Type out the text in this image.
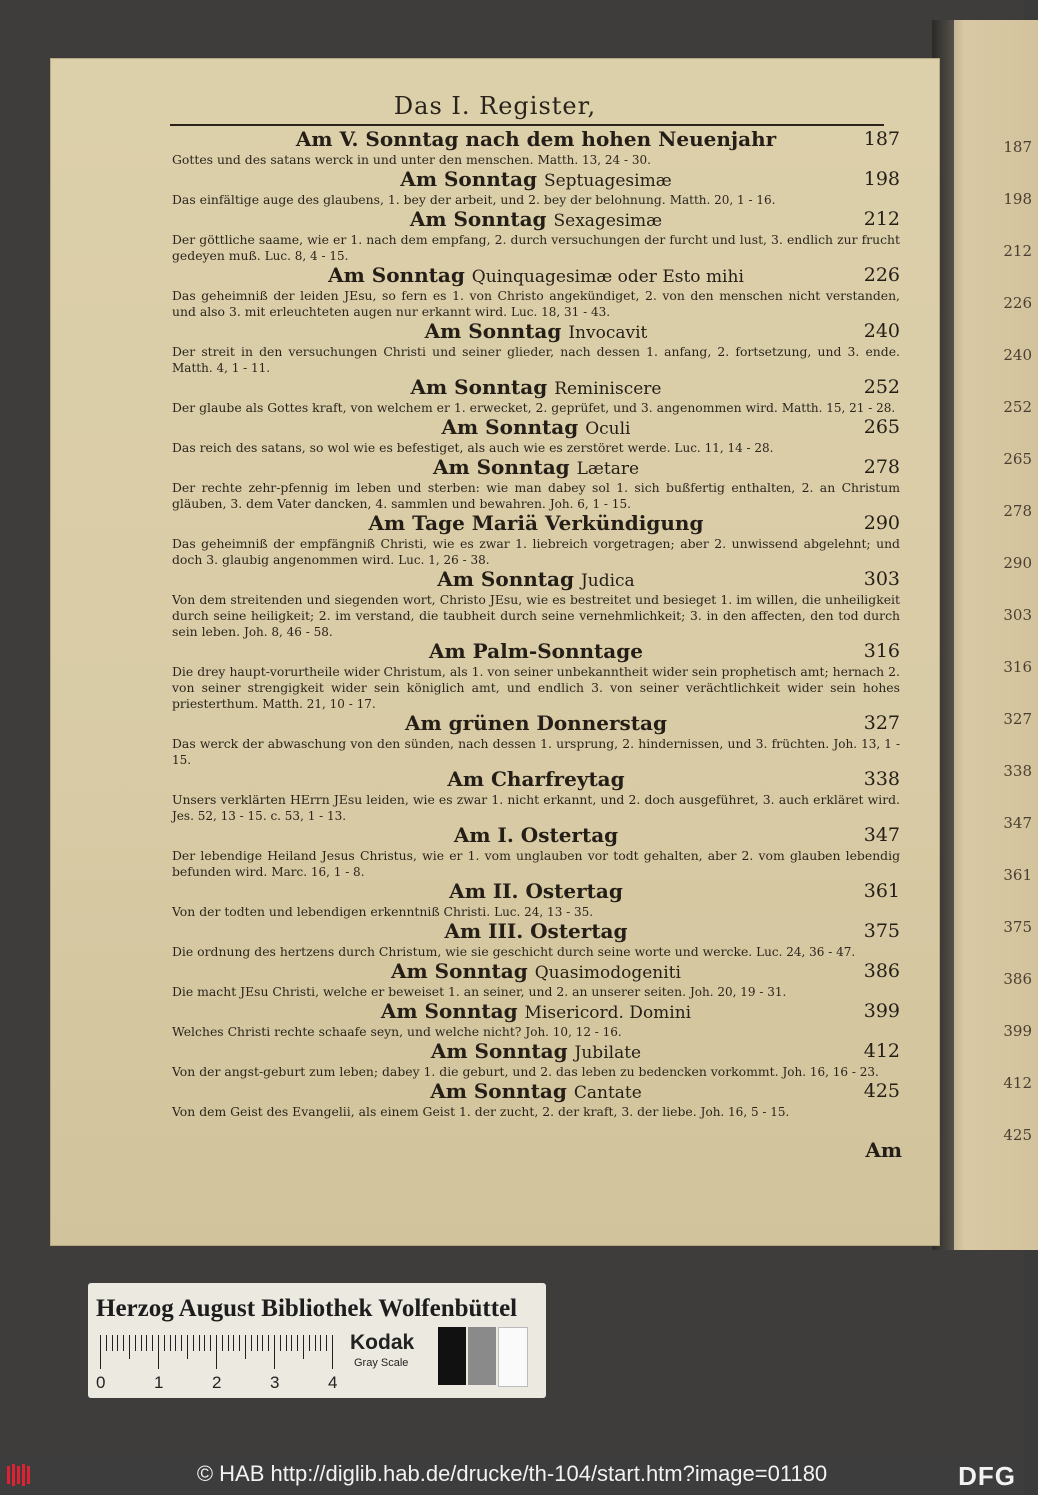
187
198
212
226
240
252
265
278
290
303
316
327
338
347
361
375
386
399
412
425
Das I. Register,
Am V. Sonntag nach dem hohen Neuenjahr	187
Gottes und des satans werck in und unter den menschen. Matth. 13, 24 - 30.
Am Sonntag Septuagesimæ	198
Das einfältige auge des glaubens, 1. bey der arbeit, und 2. bey der belohnung. Matth. 20, 1 - 16.
Am Sonntag Sexagesimæ	212
Der göttliche saame, wie er 1. nach dem empfang, 2. durch versuchungen der furcht und lust, 3. endlich zur frucht gedeyen muß. Luc. 8, 4 - 15.
Am Sonntag Quinquagesimæ oder Esto mihi	226
Das geheimniß der leiden JEsu, so fern es 1. von Christo angekündiget, 2. von den menschen nicht verstanden, und also 3. mit erleuchteten augen nur erkannt wird. Luc. 18, 31 - 43.
Am Sonntag Invocavit	240
Der streit in den versuchungen Christi und seiner glieder, nach dessen 1. anfang, 2. fortsetzung, und 3. ende. Matth. 4, 1 - 11.
Am Sonntag Reminiscere	252
Der glaube als Gottes kraft, von welchem er 1. erwecket, 2. geprüfet, und 3. angenommen wird. Matth. 15, 21 - 28.
Am Sonntag Oculi	265
Das reich des satans, so wol wie es befestiget, als auch wie es zerstöret werde. Luc. 11, 14 - 28.
Am Sonntag Lætare	278
Der rechte zehr-pfennig im leben und sterben: wie man dabey sol 1. sich bußfertig enthalten, 2. an Christum gläuben, 3. dem Vater dancken, 4. sammlen und bewahren. Joh. 6, 1 - 15.
Am Tage Mariä Verkündigung	290
Das geheimniß der empfängniß Christi, wie es zwar 1. liebreich vorgetragen; aber 2. unwissend abgelehnt; und doch 3. glaubig angenommen wird. Luc. 1, 26 - 38.
Am Sonntag Judica	303
Von dem streitenden und siegenden wort, Christo JEsu, wie es bestreitet und besieget 1. im willen, die unheiligkeit durch seine heiligkeit; 2. im verstand, die taubheit durch seine vernehmlichkeit; 3. in den affecten, den tod durch sein leben. Joh. 8, 46 - 58.
Am Palm-Sonntage	316
Die drey haupt-vorurtheile wider Christum, als 1. von seiner unbekanntheit wider sein prophetisch amt; hernach 2. von seiner strengigkeit wider sein königlich amt, und endlich 3. von seiner verächtlichkeit wider sein hohes priesterthum. Matth. 21, 10 - 17.
Am grünen Donnerstag	327
Das werck der abwaschung von den sünden, nach dessen 1. ursprung, 2. hindernissen, und 3. früchten. Joh. 13, 1 - 15.
Am Charfreytag	338
Unsers verklärten HErrn JEsu leiden, wie es zwar 1. nicht erkannt, und 2. doch ausgeführet, 3. auch erkläret wird. Jes. 52, 13 - 15. c. 53, 1 - 13.
Am I. Ostertag	347
Der lebendige Heiland Jesus Christus, wie er 1. vom unglauben vor todt gehalten, aber 2. vom glauben lebendig befunden wird. Marc. 16, 1 - 8.
Am II. Ostertag	361
Von der todten und lebendigen erkenntniß Christi. Luc. 24, 13 - 35.
Am III. Ostertag	375
Die ordnung des hertzens durch Christum, wie sie geschicht durch seine worte und wercke. Luc. 24, 36 - 47.
Am Sonntag Quasimodogeniti	386
Die macht JEsu Christi, welche er beweiset 1. an seiner, und 2. an unserer seiten. Joh. 20, 19 - 31.
Am Sonntag Misericord. Domini	399
Welches Christi rechte schaafe seyn, und welche nicht? Joh. 10, 12 - 16.
Am Sonntag Jubilate	412
Von der angst-geburt zum leben; dabey 1. die geburt, und 2. das leben zu bedencken vorkommt. Joh. 16, 16 - 23.
Am Sonntag Cantate	425
Von dem Geist des Evangelii, als einem Geist 1. der zucht, 2. der kraft, 3. der liebe. Joh. 16, 5 - 15.
Am
Herzog August Bibliothek Wolfenbüttel
0	1	2	3	4
Kodak
Gray Scale
© HAB http://diglib.hab.de/drucke/th-104/start.htm?image=01180	DFG
